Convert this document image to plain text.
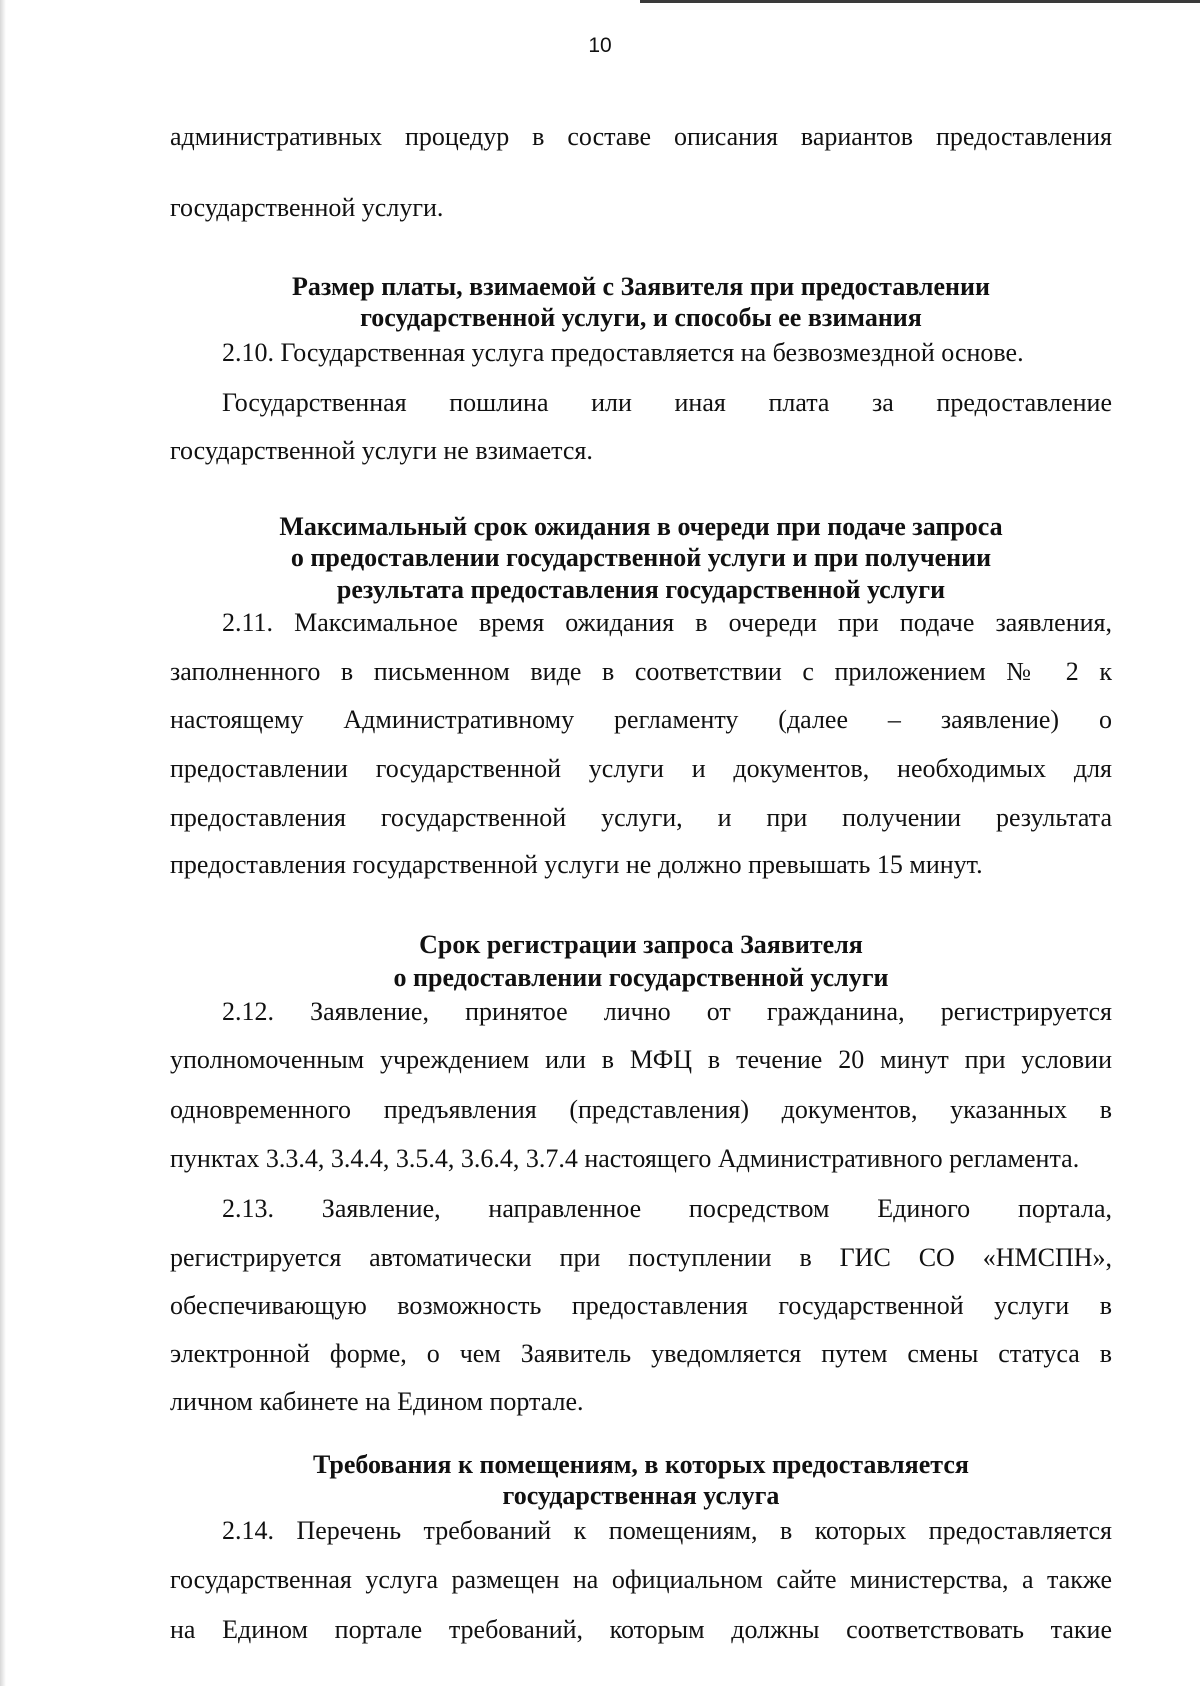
10
административных процедур в составе описания вариантов предоставления
государственной услуги.
Размер платы, взимаемой с Заявителя при предоставлении
государственной услуги, и способы ее взимания
2.10. Государственная услуга предоставляется на безвозмездной основе.
Государственная пошлина или иная плата за предоставление
государственной услуги не взимается.
Максимальный срок ожидания в очереди при подаче запроса
о предоставлении государственной услуги и при получении
результата предоставления государственной услуги
2.11. Максимальное время ожидания в очереди при подаче заявления,
заполненного в письменном виде в соответствии с приложением № 2 к
настоящему Административному регламенту (далее – заявление) о
предоставлении государственной услуги и документов, необходимых для
предоставления государственной услуги, и при получении результата
предоставления государственной услуги не должно превышать 15 минут.
Срок регистрации запроса Заявителя
о предоставлении государственной услуги
2.12. Заявление, принятое лично от гражданина, регистрируется
уполномоченным учреждением или в МФЦ в течение 20 минут при условии
одновременного предъявления (представления) документов, указанных в
пунктах 3.3.4, 3.4.4, 3.5.4, 3.6.4, 3.7.4 настоящего Административного регламента.
2.13. Заявление, направленное посредством Единого портала,
регистрируется автоматически при поступлении в ГИС СО «НМСПН»,
обеспечивающую возможность предоставления государственной услуги в
электронной форме, о чем Заявитель уведомляется путем смены статуса в
личном кабинете на Едином портале.
Требования к помещениям, в которых предоставляется
государственная услуга
2.14. Перечень требований к помещениям, в которых предоставляется
государственная услуга размещен на официальном сайте министерства, а также
на Едином портале требований, которым должны соответствовать такие
